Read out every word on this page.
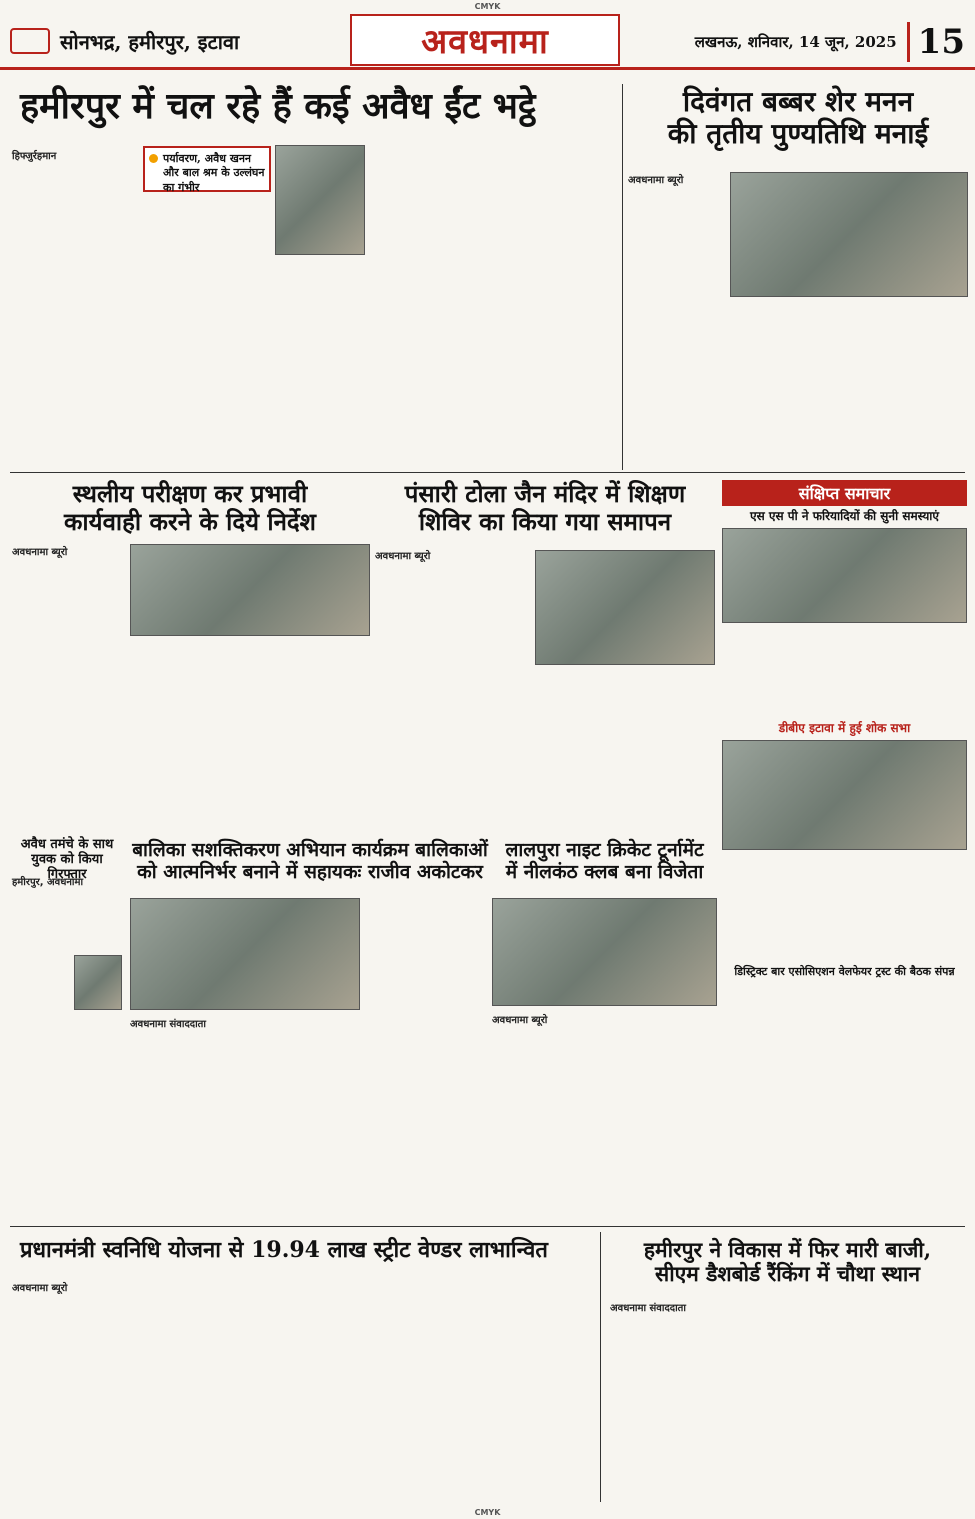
CMYK
सोनभद्र, हमीरपुर, इटावा	अवधनामा	लखनऊ, शनिवार, 14 जून, 2025 15
हमीरपुर में चल रहे हैं कई अवैध ईंट भट्ठे
हिफ्जुर्रहमान	पर्यावरण, अवैध खनन और बाल श्रम के उल्लंघन का गंभीर
दिवंगत बब्बर शेर मनन
की तृतीय पुण्यतिथि मनाई
अवधनामा ब्यूरो
स्थलीय परीक्षण कर प्रभावी
कार्यवाही करने के दिये निर्देश
अवधनामा ब्यूरो
पंसारी टोला जैन मंदिर में शिक्षण
शिविर का किया गया समापन
अवधनामा ब्यूरो
संक्षिप्त समाचार
एस एस पी ने फरियादियों की सुनी समस्याएं
डीबीए इटावा में हुई शोक सभा
डिस्ट्रिक्ट बार एसोसिएशन वेलफेयर ट्रस्ट की बैठक संपन्न
अवैध तमंचे के साथ
युवक को किया गिरफ्तार
हमीरपुर, अवधनामा
बालिका सशक्तिकरण अभियान कार्यक्रम बालिकाओं
को आत्मनिर्भर बनाने में सहायकः राजीव अकोटकर
अवधनामा संवाददाता
लालपुरा नाइट क्रिकेट टूर्नामेंट
में नीलकंठ क्लब बना विजेता
अवधनामा ब्यूरो
प्रधानमंत्री स्वनिधि योजना से 19.94 लाख स्ट्रीट वेण्डर लाभान्वित
अवधनामा ब्यूरो
हमीरपुर ने विकास में फिर मारी बाजी,
सीएम डैशबोर्ड रैंकिंग में चौथा स्थान
अवधनामा संवाददाता
CMYK
